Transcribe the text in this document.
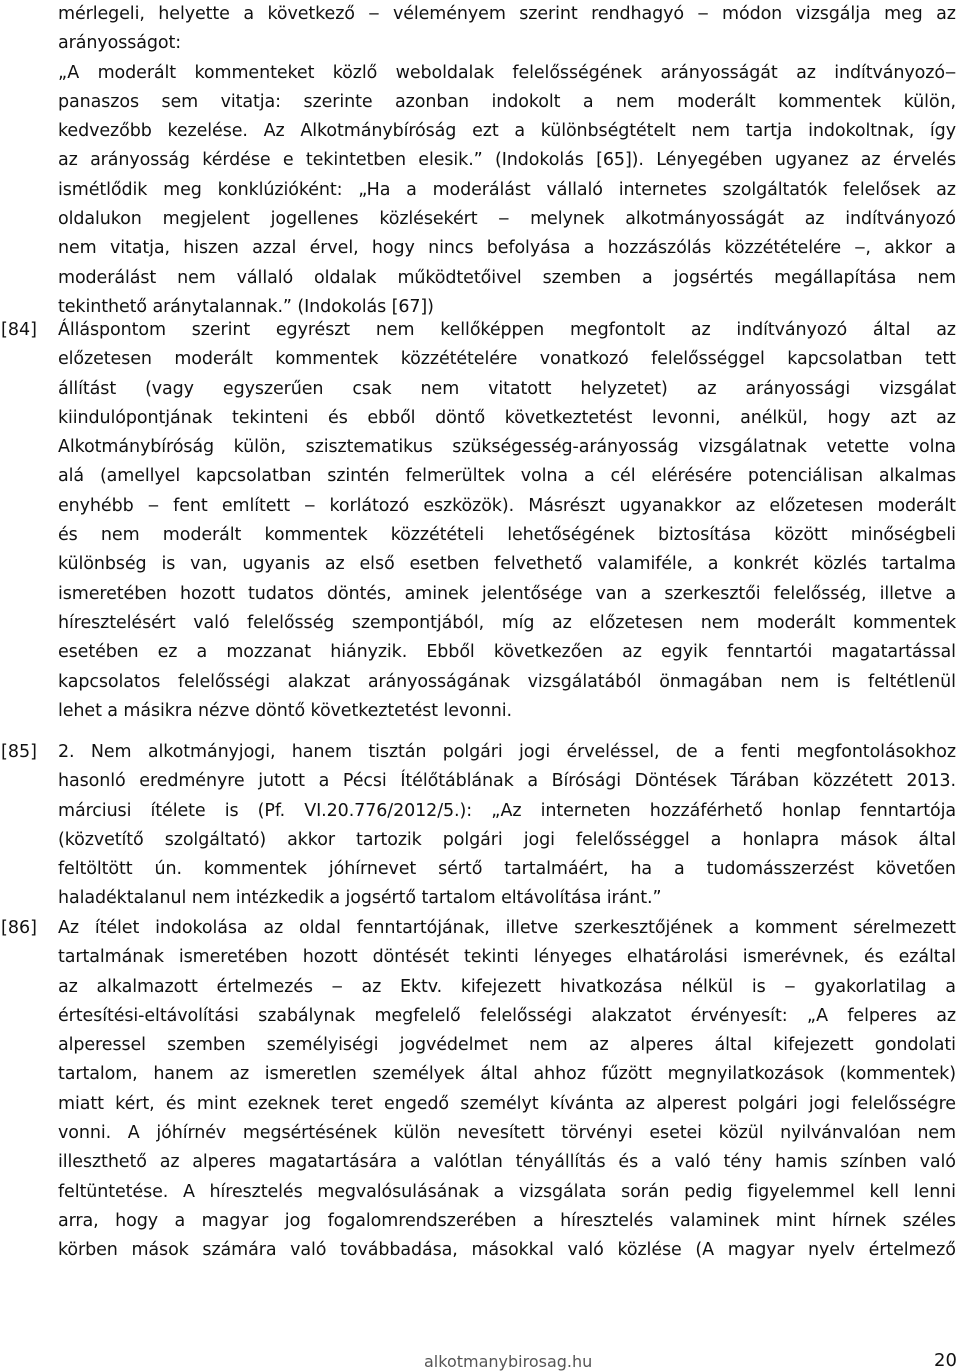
mérlegeli, helyette a következő ‒ véleményem szerint rendhagyó ‒ módon vizsgálja meg az
arányosságot:
„A moderált kommenteket közlő weboldalak felelősségének arányosságát az indítványozó‒
panaszos sem vitatja: szerinte azonban indokolt a nem moderált kommentek külön,
kedvezőbb kezelése. Az Alkotmánybíróság ezt a különbségtételt nem tartja indokoltnak, így
az arányosság kérdése e tekintetben elesik.” (Indokolás [65]). Lényegében ugyanez az érvelés
ismétlődik meg konklúzióként: „Ha a moderálást vállaló internetes szolgáltatók felelősek az
oldalukon megjelent jogellenes közlésekért ‒ melynek alkotmányosságát az indítványozó
nem vitatja, hiszen azzal érvel, hogy nincs befolyása a hozzászólás közzétételére ‒, akkor a
moderálást nem vállaló oldalak működtetőivel szemben a jogsértés megállapítása nem
tekinthető aránytalannak.” (Indokolás [67])
[84] Álláspontom szerint egyrészt nem kellőképpen megfontolt az indítványozó által az
előzetesen moderált kommentek közzétételére vonatkozó felelősséggel kapcsolatban tett
állítást (vagy egyszerűen csak nem vitatott helyzetet) az arányossági vizsgálat
kiindulópontjának tekinteni és ebből döntő következtetést levonni, anélkül, hogy azt az
Alkotmánybíróság külön, szisztematikus szükségesség-arányosság vizsgálatnak vetette volna
alá (amellyel kapcsolatban szintén felmerültek volna a cél elérésére potenciálisan alkalmas
enyhébb ‒ fent említett ‒ korlátozó eszközök). Másrészt ugyanakkor az előzetesen moderált
és nem moderált kommentek közzétételi lehetőségének biztosítása között minőségbeli
különbség is van, ugyanis az első esetben felvethető valamiféle, a konkrét közlés tartalma
ismeretében hozott tudatos döntés, aminek jelentősége van a szerkesztői felelősség, illetve a
híresztelésért való felelősség szempontjából, míg az előzetesen nem moderált kommentek
esetében ez a mozzanat hiányzik. Ebből következően az egyik fenntartói magatartással
kapcsolatos felelősségi alakzat arányosságának vizsgálatából önmagában nem is feltétlenül
lehet a másikra nézve döntő következtetést levonni.
[85] 2. Nem alkotmányjogi, hanem tisztán polgári jogi érveléssel, de a fenti megfontolásokhoz
hasonló eredményre jutott a Pécsi Ítélőtáblának a Bírósági Döntések Tárában közzétett 2013.
márciusi ítélete is (Pf. VI.20.776/2012/5.): „Az interneten hozzáférhető honlap fenntartója
(közvetítő szolgáltató) akkor tartozik polgári jogi felelősséggel a honlapra mások által
feltöltött ún. kommentek jóhírnevet sértő tartalmáért, ha a tudomásszerzést követően
haladéktalanul nem intézkedik a jogsértő tartalom eltávolítása iránt.”
[86] Az ítélet indokolása az oldal fenntartójának, illetve szerkesztőjének a komment sérelmezett
tartalmának ismeretében hozott döntését tekinti lényeges elhatárolási ismerévnek, és ezáltal
az alkalmazott értelmezés ‒ az Ektv. kifejezett hivatkozása nélkül is ‒ gyakorlatilag a
értesítési-eltávolítási szabálynak megfelelő felelősségi alakzatot érvényesít: „A felperes az
alperessel szemben személyiségi jogvédelmet nem az alperes által kifejezett gondolati
tartalom, hanem az ismeretlen személyek által ahhoz fűzött megnyilatkozások (kommentek)
miatt kért, és mint ezeknek teret engedő személyt kívánta az alperest polgári jogi felelősségre
vonni. A jóhírnév megsértésének külön nevesített törvényi esetei közül nyilvánvalóan nem
illeszthető az alperes magatartására a valótlan tényállítás és a való tény hamis színben való
feltüntetése. A híresztelés megvalósulásának a vizsgálata során pedig figyelemmel kell lenni
arra, hogy a magyar jog fogalomrendszerében a híresztelés valaminek mint hírnek széles
körben mások számára való továbbadása, másokkal való közlése (A magyar nyelv értelmező
alkotmanybirosag.hu	20
